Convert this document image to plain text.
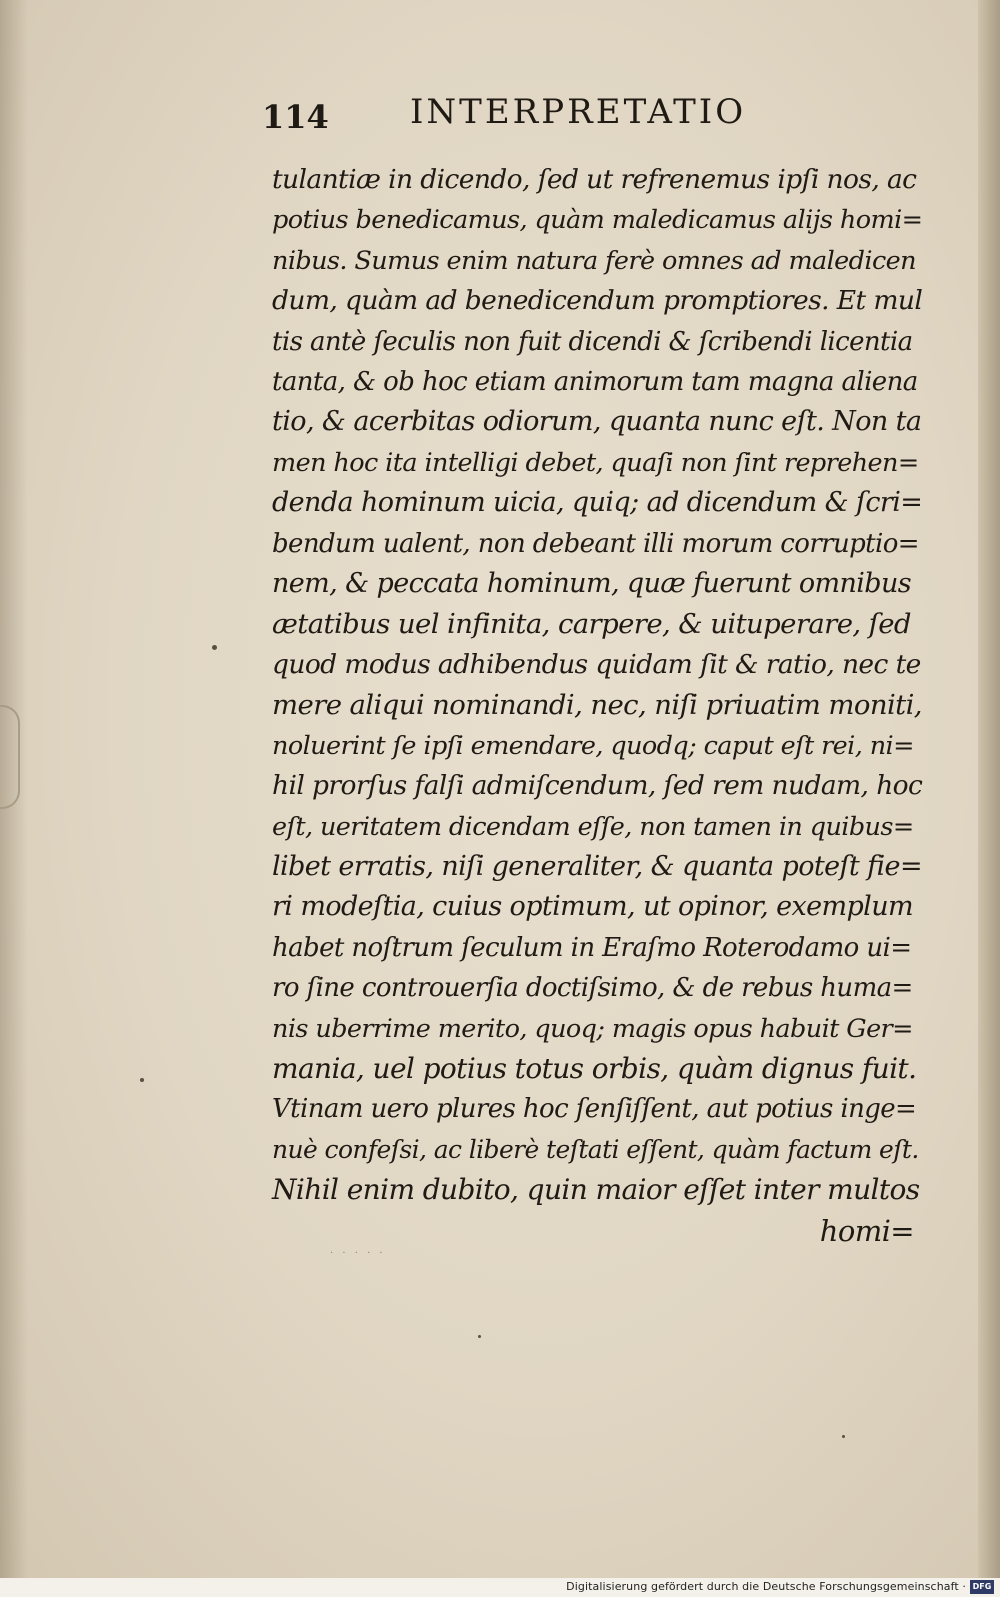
114 INTERPRETATIO
tulantiæ in dicendo, ſed ut refrenemus ipſi nos, ac
potius benedicamus, quàm maledicamus alijs homi=
nibus. Sumus enim natura ferè omnes ad maledicen
dum, quàm ad benedicendum promptiores. Et mul
tis antè ſeculis non fuit dicendi & ſcribendi licentia
tanta, & ob hoc etiam animorum tam magna aliena
tio, & acerbitas odiorum, quanta nunc eſt. Non ta
men hoc ita intelligi debet, quaſi non ſint reprehen=
denda hominum uicia, quiq; ad dicendum & ſcri=
bendum ualent, non debeant illi morum corruptio=
nem, & peccata hominum, quæ fuerunt omnibus
ætatibus uel infinita, carpere, & uituperare, ſed
quod modus adhibendus quidam ſit & ratio, nec te
mere aliqui nominandi, nec, niſi priuatim moniti,
noluerint ſe ipſi emendare, quodq; caput eſt rei, ni=
hil prorſus falſi admiſcendum, ſed rem nudam, hoc
eſt, ueritatem dicendam eſſe, non tamen in quibus=
libet erratis, niſi generaliter, & quanta poteſt fie=
ri modeſtia, cuius optimum, ut opinor, exemplum
habet noſtrum ſeculum in Eraſmo Roterodamo ui=
ro ſine controuerſia doctiſsimo, & de rebus huma=
nis uberrime merito, quoq; magis opus habuit Ger=
mania, uel potius totus orbis, quàm dignus fuit.
Vtinam uero plures hoc ſenſiſſent, aut potius inge=
nuè confeſsi, ac liberè teſtati eſſent, quàm factum eſt.
Nihil enim dubito, quin maior eſſet inter multos
homi=
· · · · ·
Digitalisierung gefördert durch die Deutsche Forschungsgemeinschaft · DFG
